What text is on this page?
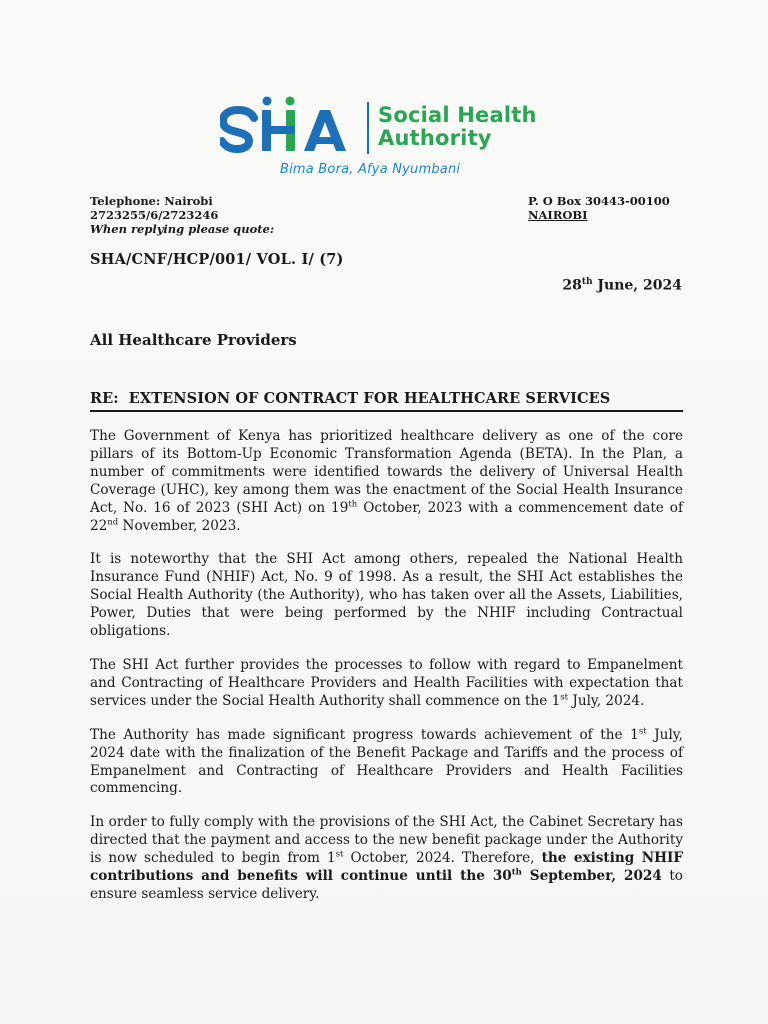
Social Health
Authority
Bima Bora, Afya Nyumbani
Telephone: Nairobi
2723255/6/2723246
When replying please quote:
P. O Box 30443-00100
NAIROBI
SHA/CNF/HCP/001/ VOL. I/ (7)
28th June, 2024
All Healthcare Providers
RE: EXTENSION OF CONTRACT FOR HEALTHCARE SERVICES

The Government of Kenya has prioritized healthcare delivery as one of the core pillars of its Bottom-Up Economic Transformation Agenda (BETA). In the Plan, a number of commitments were identified towards the delivery of Universal Health Coverage (UHC), key among them was the enactment of the Social Health Insurance Act, No. 16 of 2023 (SHI Act) on 19th October, 2023 with a commencement date of 22nd November, 2023.

It is noteworthy that the SHI Act among others, repealed the National Health Insurance Fund (NHIF) Act, No. 9 of 1998. As a result, the SHI Act establishes the Social Health Authority (the Authority), who has taken over all the Assets, Liabilities, Power, Duties that were being performed by the NHIF including Contractual obligations.

The SHI Act further provides the processes to follow with regard to Empanelment and Contracting of Healthcare Providers and Health Facilities with expectation that services under the Social Health Authority shall commence on the 1st July, 2024.

The Authority has made significant progress towards achievement of the 1st July, 2024 date with the finalization of the Benefit Package and Tariffs and the process of Empanelment and Contracting of Healthcare Providers and Health Facilities commencing.

In order to fully comply with the provisions of the SHI Act, the Cabinet Secretary has directed that the payment and access to the new benefit package under the Authority is now scheduled to begin from 1st October, 2024. Therefore, the existing NHIF contributions and benefits will continue until the 30th September, 2024 to ensure seamless service delivery.
